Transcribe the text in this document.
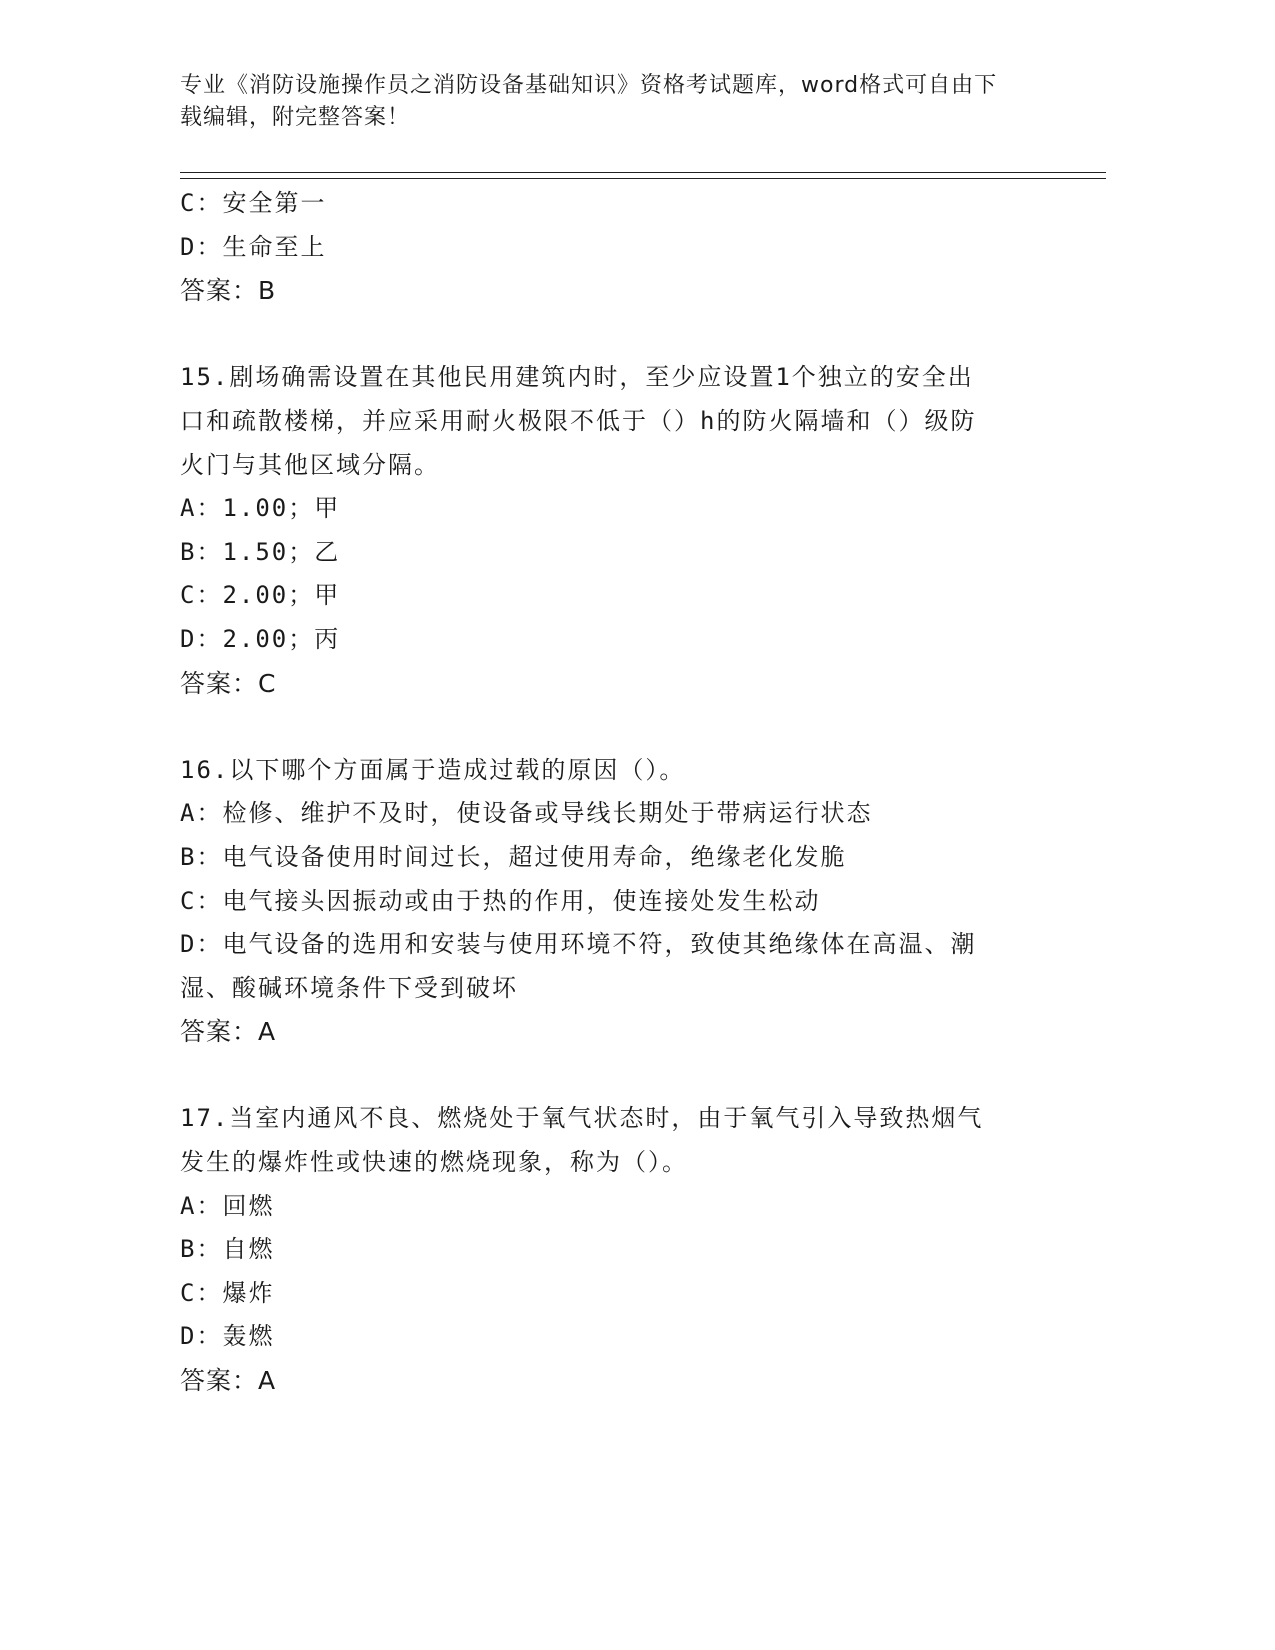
专业《消防设施操作员之消防设备基础知识》资格考试题库，word格式可自由下
载编辑，附完整答案！
C：安全第一
D：生命至上
答案：B
15.剧场确需设置在其他民用建筑内时，至少应设置1个独立的安全出
口和疏散楼梯，并应采用耐火极限不低于（）h的防火隔墙和（）级防
火门与其他区域分隔。
A：1.00；甲
B：1.50；乙
C：2.00；甲
D：2.00；丙
答案：C
16.以下哪个方面属于造成过载的原因（）。
A：检修、维护不及时，使设备或导线长期处于带病运行状态
B：电气设备使用时间过长，超过使用寿命，绝缘老化发脆
C：电气接头因振动或由于热的作用，使连接处发生松动
D：电气设备的选用和安装与使用环境不符，致使其绝缘体在高温、潮
湿、酸碱环境条件下受到破坏
答案：A
17.当室内通风不良、燃烧处于氧气状态时，由于氧气引入导致热烟气
发生的爆炸性或快速的燃烧现象，称为（）。
A：回燃
B：自燃
C：爆炸
D：轰燃
答案：A
